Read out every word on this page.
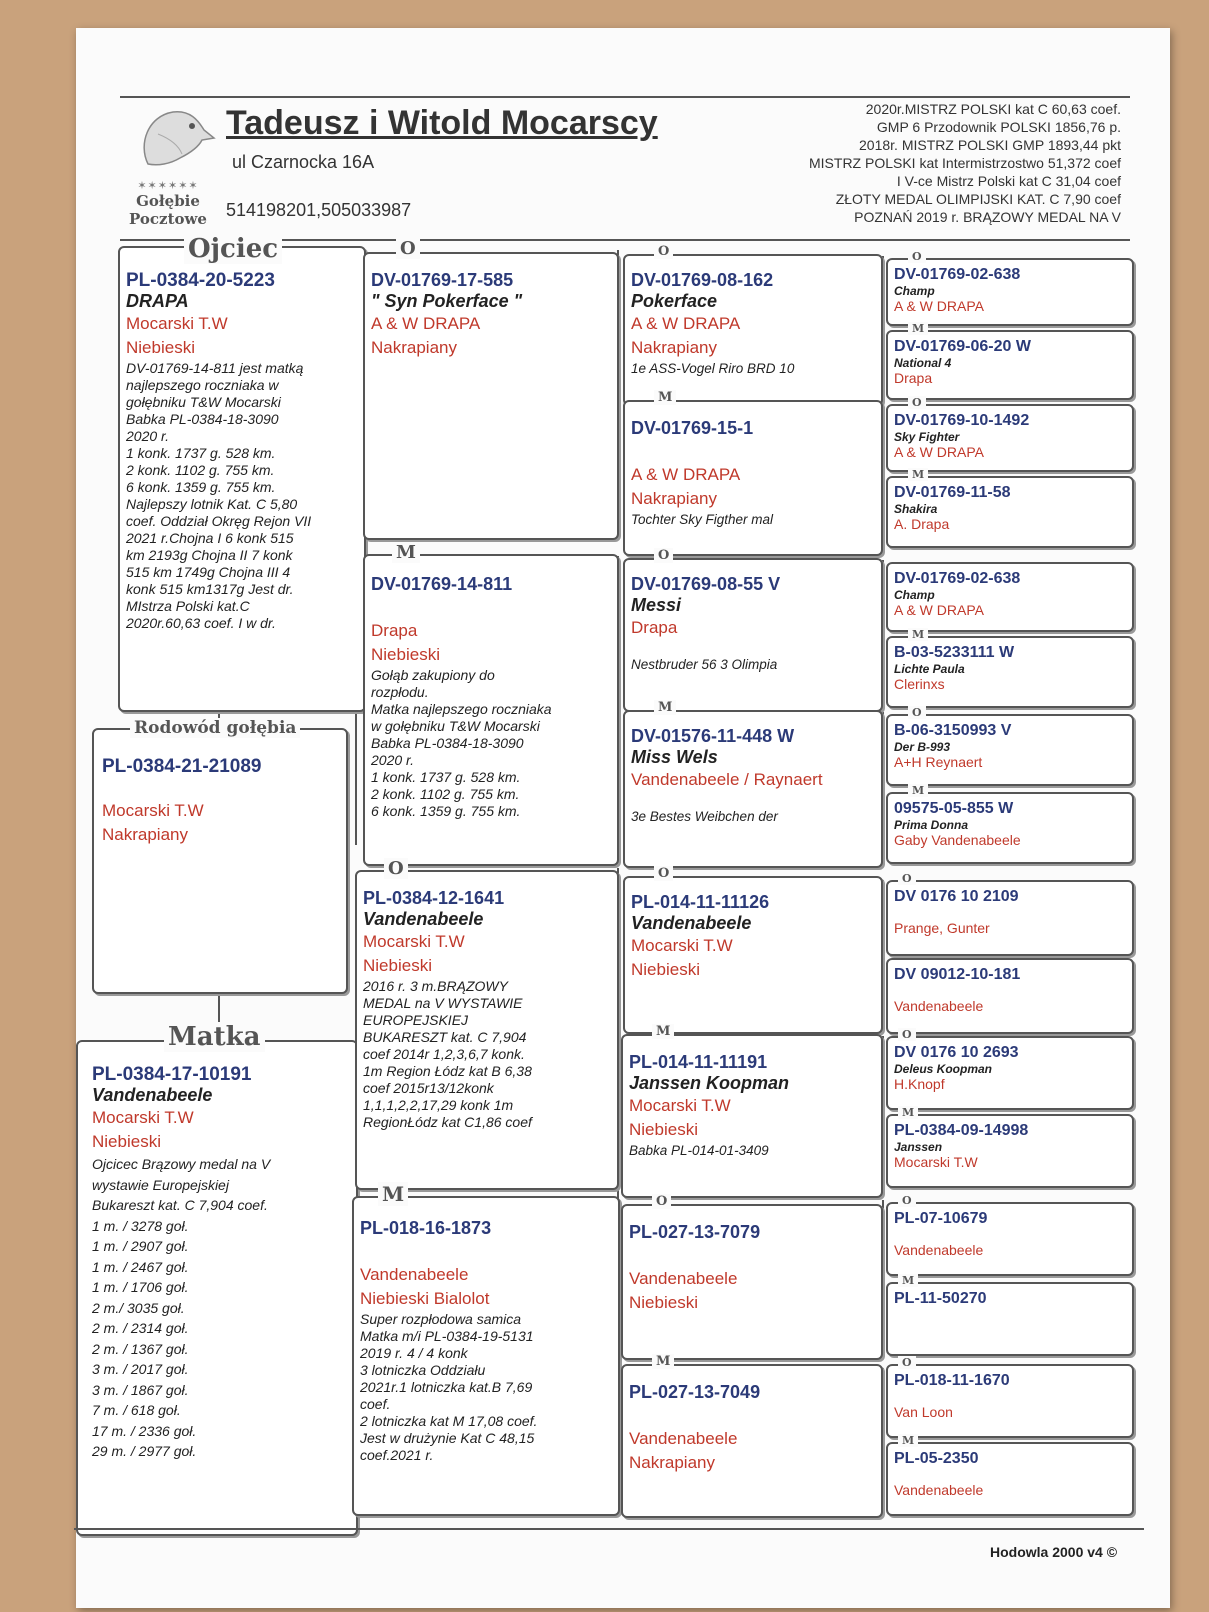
✶✶✶✶✶✶
Gołębie
Pocztowe
Tadeusz i Witold Mocarscy
ul Czarnocka 16A
514198201,505033987
2020r.MISTRZ POLSKI kat C 60,63 coef.
GMP 6 Przodownik POLSKI 1856,76 p.
2018r. MISTRZ POLSKI GMP 1893,44 pkt
MISTRZ POLSKI kat Intermistrzostwo 51,372 coef
I V-ce Mistrz Polski kat C 31,04 coef
ZŁOTY MEDAL OLIMPIJSKI KAT. C 7,90 coef
POZNAŃ 2019 r. BRĄZOWY MEDAL NA V
PL-0384-20-5223
DRAPA
Mocarski T.W
Niebieski
DV-01769-14-811 jest matką
najlepszego roczniaka w
gołębniku T&W Mocarski
Babka PL-0384-18-3090
2020 r.
1 konk. 1737 g. 528 km.
2 konk. 1102 g. 755 km.
6 konk. 1359 g. 755 km.
Najlepszy lotnik Kat. C 5,80
coef. Oddział Okręg Rejon VII
2021 r.Chojna I 6 konk 515
km 2193g Chojna II 7 konk
515 km 1749g Chojna III 4
konk 515 km1317g Jest dr.
MIstrza Polski kat.C
2020r.60,63 coef. I w dr.
Ojciec
PL-0384-21-21089
Mocarski T.W
Nakrapiany
Rodowód gołębia
PL-0384-17-10191
Vandenabeele
Mocarski T.W
Niebieski
Ojcicec Brązowy medal na V
wystawie Europejskiej
Bukareszt kat. C 7,904 coef.
1 m. / 3278 goł.
1 m. / 2907 goł.
1 m. / 2467 goł.
1 m. / 1706 goł.
2 m./ 3035 goł.
2 m. / 2314 goł.
2 m. / 1367 goł.
3 m. / 2017 goł.
3 m. / 1867 goł.
7 m. / 618 goł.
17 m. / 2336 goł.
29 m. / 2977 goł.
Matka
DV-01769-17-585
" Syn Pokerface "
A & W DRAPA
Nakrapiany
O
DV-01769-14-811
Drapa
Niebieski
Gołąb zakupiony do
rozpłodu.
Matka najlepszego roczniaka
w gołębniku T&W Mocarski
Babka PL-0384-18-3090
2020 r.
1 konk. 1737 g. 528 km.
2 konk. 1102 g. 755 km.
6 konk. 1359 g. 755 km.
M
PL-0384-12-1641
Vandenabeele
Mocarski T.W
Niebieski
2016 r. 3 m.BRĄZOWY
MEDAL na V WYSTAWIE
EUROPEJSKIEJ
BUKARESZT kat. C 7,904
coef 2014r 1,2,3,6,7 konk.
1m Region Łódz kat B 6,38
coef 2015r13/12konk
1,1,1,2,2,17,29 konk 1m
RegionŁódz kat C1,86 coef
O
PL-018-16-1873
Vandenabeele
Niebieski Bialolot
Super rozpłodowa samica
Matka m/i PL-0384-19-5131
2019 r. 4 / 4 konk
3 lotniczka Oddziału
2021r.1 lotniczka kat.B 7,69
coef.
2 lotniczka kat M 17,08 coef.
Jest w drużynie Kat C 48,15
coef.2021 r.
M
DV-01769-08-162
Pokerface
A & W DRAPA
Nakrapiany
1e ASS-Vogel Riro BRD 10
O
DV-01769-15-1
A & W DRAPA
Nakrapiany
Tochter Sky Figther mal
M
DV-01769-08-55 V
Messi
Drapa
Nestbruder 56 3 Olimpia
O
DV-01576-11-448 W
Miss Wels
Vandenabeele / Raynaert
3e Bestes Weibchen der
M
PL-014-11-11126
Vandenabeele
Mocarski T.W
Niebieski
O
PL-014-11-11191
Janssen Koopman
Mocarski T.W
Niebieski
Babka PL-014-01-3409
M
PL-027-13-7079
Vandenabeele
Niebieski
O
PL-027-13-7049
Vandenabeele
Nakrapiany
M
DV-01769-02-638
Champ
A & W DRAPA
O
DV-01769-06-20 W
National 4
Drapa
M
DV-01769-10-1492
Sky Fighter
A & W DRAPA
O
DV-01769-11-58
Shakira
A. Drapa
M
DV-01769-02-638
Champ
A & W DRAPA
B-03-5233111 W
Lichte Paula
Clerinxs
M
B-06-3150993 V
Der B-993
A+H Reynaert
O
09575-05-855 W
Prima Donna
Gaby Vandenabeele
M
DV 0176 10 2109
Prange, Gunter
O
DV 09012-10-181
Vandenabeele
DV 0176 10 2693
Deleus Koopman
H.Knopf
O
PL-0384-09-14998
Janssen
Mocarski T.W
M
PL-07-10679
Vandenabeele
O
PL-11-50270
M
PL-018-11-1670
Van Loon
O
PL-05-2350
Vandenabeele
M
Hodowla 2000 v4 ©
